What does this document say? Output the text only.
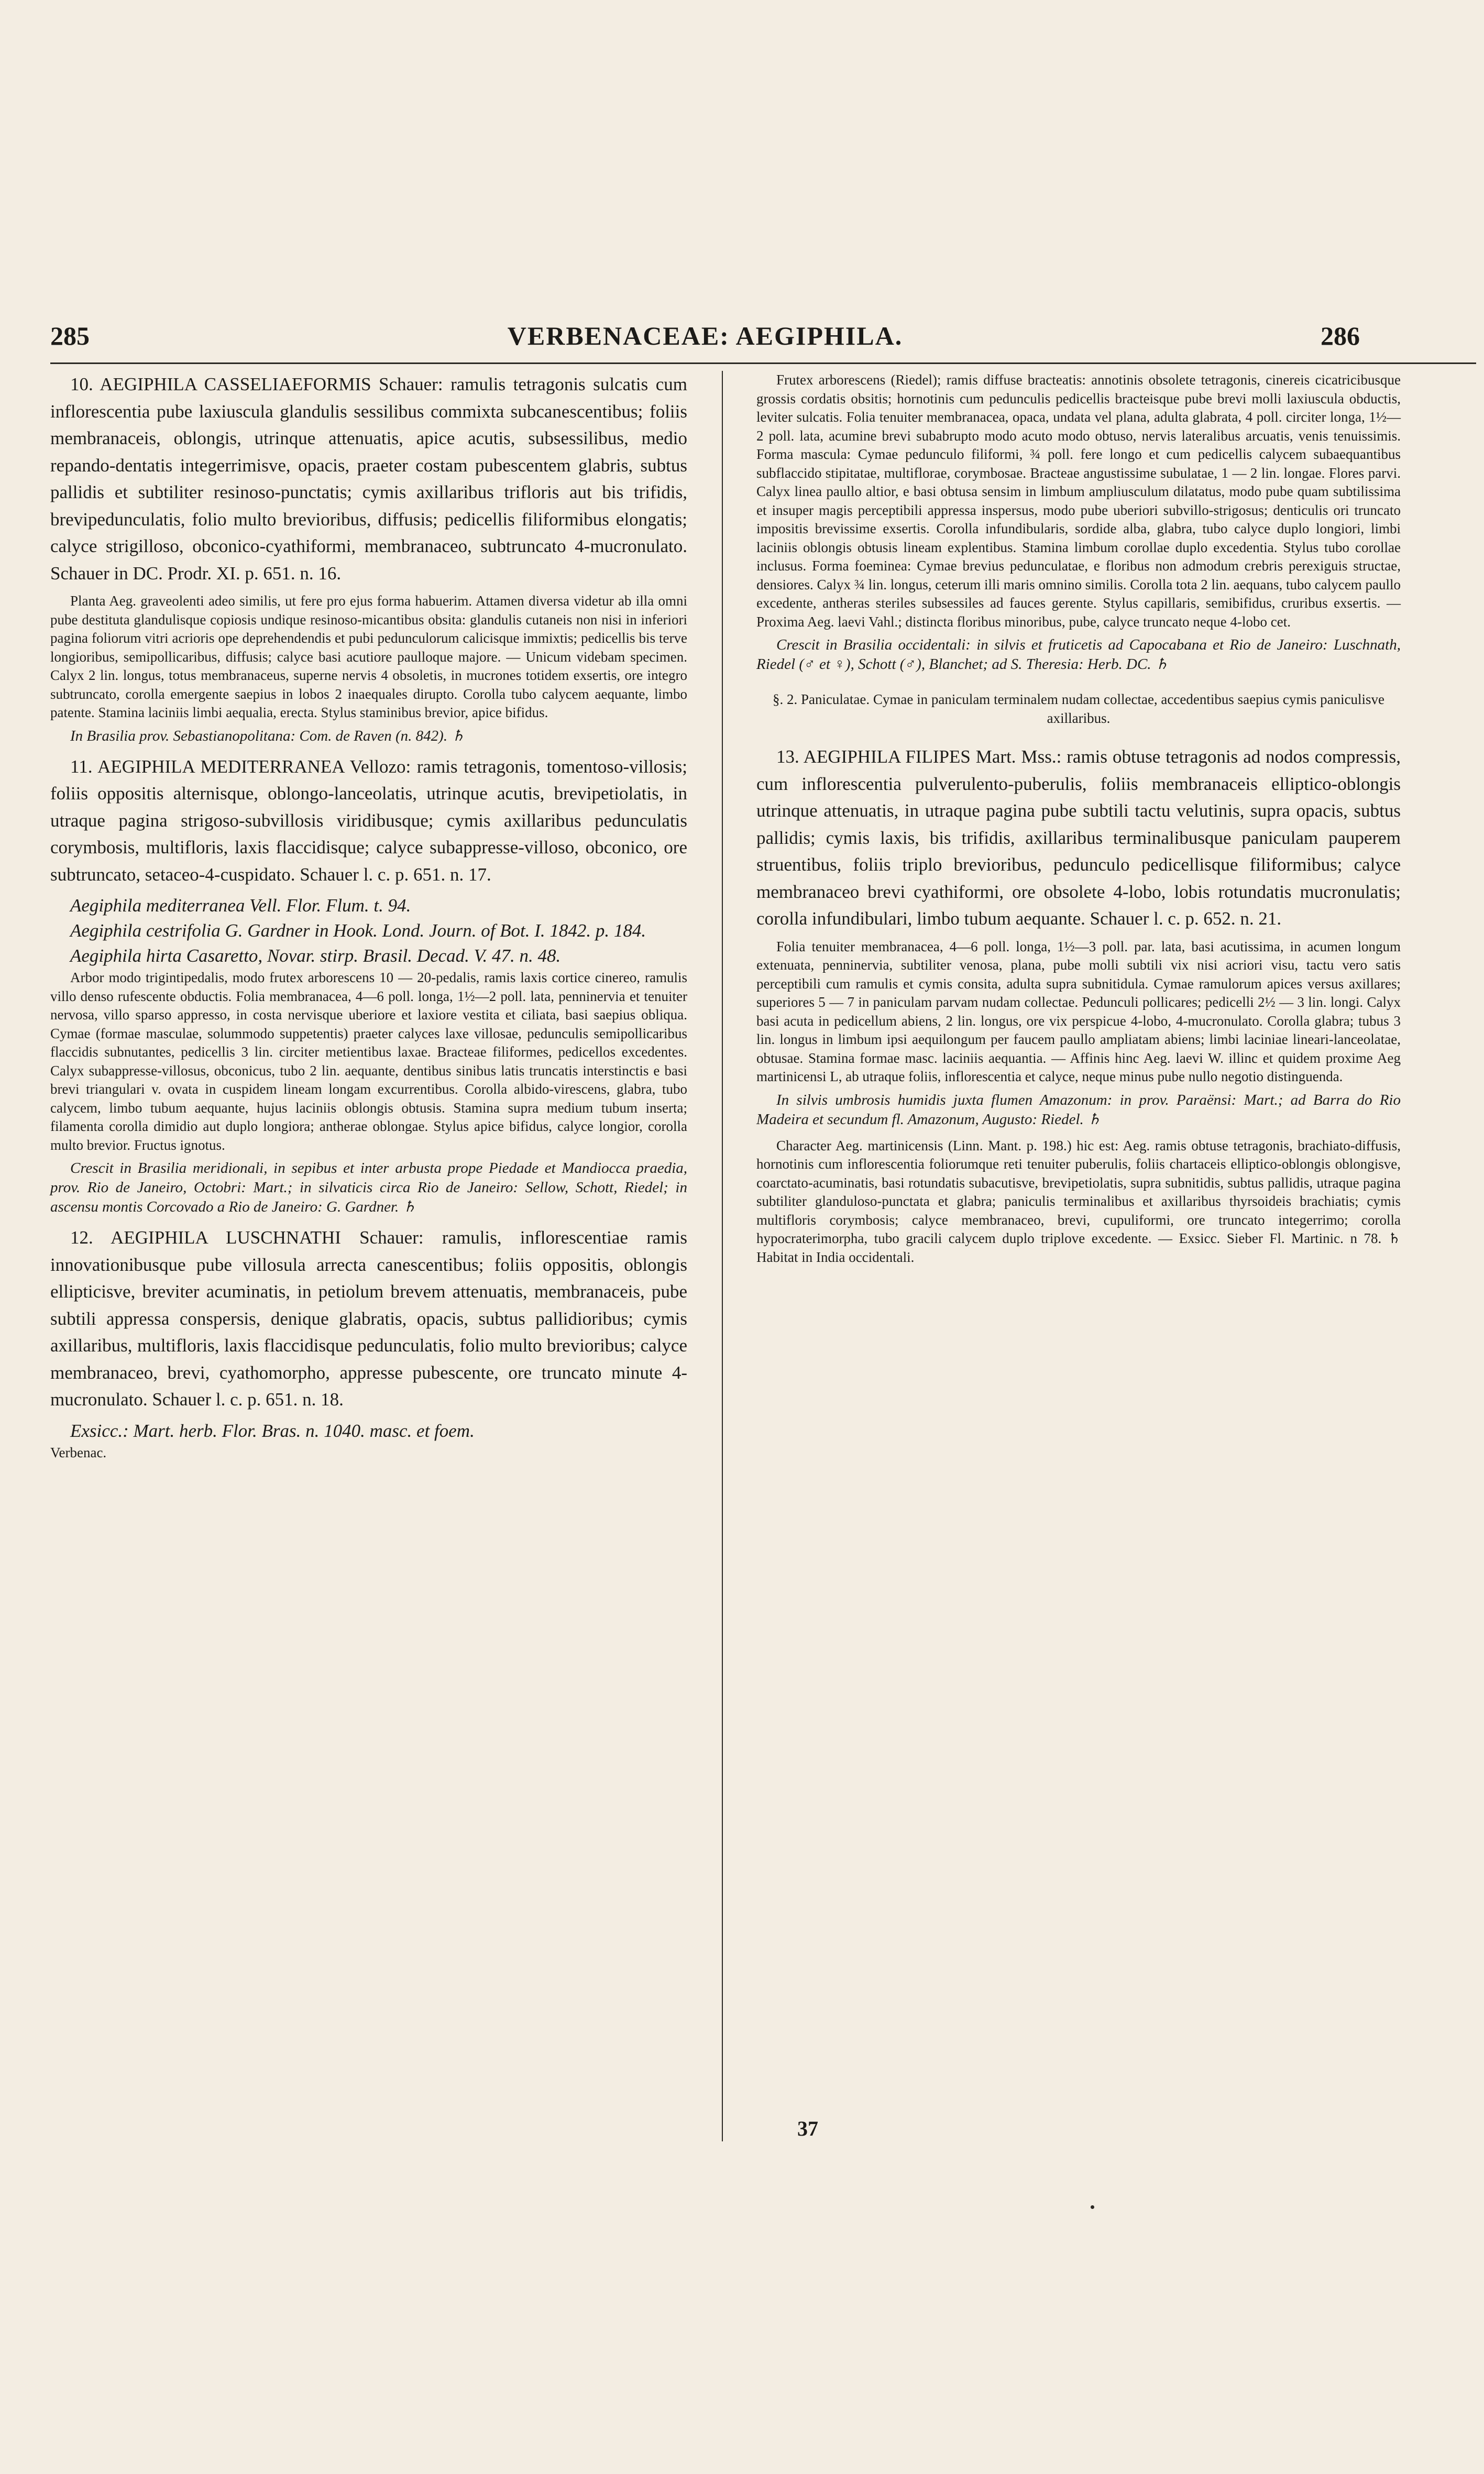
285	VERBENACEAE: AEGIPHILA.	286

10. AEGIPHILA CASSELIAEFORMIS Schauer: ramulis tetragonis sulcatis cum inflorescentia pube laxiuscula glandulis sessilibus commixta subcanescentibus; foliis membranaceis, oblongis, utrinque attenuatis, apice acutis, subsessilibus, medio repando-dentatis integerrimisve, opacis, praeter costam pubescentem glabris, subtus pallidis et subtiliter resinoso-punctatis; cymis axillaribus trifloris aut bis trifidis, brevipedunculatis, folio multo brevioribus, diffusis; pedicellis filiformibus elongatis; calyce strigilloso, obconico-cyathiformi, membranaceo, subtruncato 4-mucronulato. Schauer in DC. Prodr. XI. p. 651. n. 16.

Planta Aeg. graveolenti adeo similis, ut fere pro ejus forma habuerim. Attamen diversa videtur ab illa omni pube destituta glandulisque copiosis undique resinoso-micantibus obsita: glandulis cutaneis non nisi in inferiori pagina foliorum vitri acrioris ope deprehendendis et pubi pedunculorum calicisque immixtis; pedicellis bis terve longioribus, semipollicaribus, diffusis; calyce basi acutiore paulloque majore. — Unicum videbam specimen. Calyx 2 lin. longus, totus membranaceus, superne nervis 4 obsoletis, in mucrones totidem exsertis, ore integro subtruncato, corolla emergente saepius in lobos 2 inaequales dirupto. Corolla tubo calycem aequante, limbo patente. Stamina laciniis limbi aequalia, erecta. Stylus staminibus brevior, apice bifidus.

In Brasilia prov. Sebastianopolitana: Com. de Raven (n. 842). ♄

11. AEGIPHILA MEDITERRANEA Vellozo: ramis tetragonis, tomentoso-villosis; foliis oppositis alternisque, oblongo-lanceolatis, utrinque acutis, brevipetiolatis, in utraque pagina strigoso-subvillosis viridibusque; cymis axillaribus pedunculatis corymbosis, multifloris, laxis flaccidisque; calyce subappresse-villoso, obconico, ore subtruncato, setaceo-4-cuspidato. Schauer l. c. p. 651. n. 17.

Aegiphila mediterranea Vell. Flor. Flum. t. 94.

Aegiphila cestrifolia G. Gardner in Hook. Lond. Journ. of Bot. I. 1842. p. 184.

Aegiphila hirta Casaretto, Novar. stirp. Brasil. Decad. V. 47. n. 48.

Arbor modo trigintipedalis, modo frutex arborescens 10 — 20-pedalis, ramis laxis cortice cinereo, ramulis villo denso rufescente obductis. Folia membranacea, 4—6 poll. longa, 1½—2 poll. lata, penninervia et tenuiter nervosa, villo sparso appresso, in costa nervisque uberiore et laxiore vestita et ciliata, basi saepius obliqua. Cymae (formae masculae, solummodo suppetentis) praeter calyces laxe villosae, pedunculis semipollicaribus flaccidis subnutantes, pedicellis 3 lin. circiter metientibus laxae. Bracteae filiformes, pedicellos excedentes. Calyx subappresse-villosus, obconicus, tubo 2 lin. aequante, dentibus sinibus latis truncatis interstinctis e basi brevi triangulari v. ovata in cuspidem lineam longam excurrentibus. Corolla albido-virescens, glabra, tubo calycem, limbo tubum aequante, hujus laciniis oblongis obtusis. Stamina supra medium tubum inserta; filamenta corolla dimidio aut duplo longiora; antherae oblongae. Stylus apice bifidus, calyce longior, corolla multo brevior. Fructus ignotus.

Crescit in Brasilia meridionali, in sepibus et inter arbusta prope Piedade et Mandiocca praedia, prov. Rio de Janeiro, Octobri: Mart.; in silvaticis circa Rio de Janeiro: Sellow, Schott, Riedel; in ascensu montis Corcovado a Rio de Janeiro: G. Gardner. ♄

12. AEGIPHILA LUSCHNATHI Schauer: ramulis, inflorescentiae ramis innovationibusque pube villosula arrecta canescentibus; foliis oppositis, oblongis ellipticisve, breviter acuminatis, in petiolum brevem attenuatis, membranaceis, pube subtili appressa conspersis, denique glabratis, opacis, subtus pallidioribus; cymis axillaribus, multifloris, laxis flaccidisque pedunculatis, folio multo brevioribus; calyce membranaceo, brevi, cyathomorpho, appresse pubescente, ore truncato minute 4-mucronulato. Schauer l. c. p. 651. n. 18.

Exsicc.: Mart. herb. Flor. Bras. n. 1040. masc. et foem.

Verbenac.

Frutex arborescens (Riedel); ramis diffuse bracteatis: annotinis obsolete tetragonis, cinereis cicatricibusque grossis cordatis obsitis; hornotinis cum pedunculis pedicellis bracteisque pube brevi molli laxiuscula obductis, leviter sulcatis. Folia tenuiter membranacea, opaca, undata vel plana, adulta glabrata, 4 poll. circiter longa, 1½—2 poll. lata, acumine brevi subabrupto modo acuto modo obtuso, nervis lateralibus arcuatis, venis tenuissimis. Forma mascula: Cymae pedunculo filiformi, ¾ poll. fere longo et cum pedicellis calycem subaequantibus subflaccido stipitatae, multiflorae, corymbosae. Bracteae angustissime subulatae, 1 — 2 lin. longae. Flores parvi. Calyx linea paullo altior, e basi obtusa sensim in limbum ampliusculum dilatatus, modo pube quam subtilissima et insuper magis perceptibili appressa inspersus, modo pube uberiori subvillo-strigosus; denticulis ori truncato impositis brevissime exsertis. Corolla infundibularis, sordide alba, glabra, tubo calyce duplo longiori, limbi laciniis oblongis obtusis lineam explentibus. Stamina limbum corollae duplo excedentia. Stylus tubo corollae inclusus. Forma foeminea: Cymae brevius pedunculatae, e floribus non admodum crebris perexiguis structae, densiores. Calyx ¾ lin. longus, ceterum illi maris omnino similis. Corolla tota 2 lin. aequans, tubo calycem paullo excedente, antheras steriles subsessiles ad fauces gerente. Stylus capillaris, semibifidus, cruribus exsertis. — Proxima Aeg. laevi Vahl.; distincta floribus minoribus, pube, calyce truncato neque 4-lobo cet.

Crescit in Brasilia occidentali: in silvis et fruticetis ad Capocabana et Rio de Janeiro: Luschnath, Riedel (♂ et ♀), Schott (♂), Blanchet; ad S. Theresia: Herb. DC. ♄

§. 2. Paniculatae. Cymae in paniculam terminalem nudam collectae, accedentibus saepius cymis paniculisve axillaribus.

13. AEGIPHILA FILIPES Mart. Mss.: ramis obtuse tetragonis ad nodos compressis, cum inflorescentia pulverulento-puberulis, foliis membranaceis elliptico-oblongis utrinque attenuatis, in utraque pagina pube subtili tactu velutinis, supra opacis, subtus pallidis; cymis laxis, bis trifidis, axillaribus terminalibusque paniculam pauperem struentibus, foliis triplo brevioribus, pedunculo pedicellisque filiformibus; calyce membranaceo brevi cyathiformi, ore obsolete 4-lobo, lobis rotundatis mucronulatis; corolla infundibulari, limbo tubum aequante. Schauer l. c. p. 652. n. 21.

Folia tenuiter membranacea, 4—6 poll. longa, 1½—3 poll. par. lata, basi acutissima, in acumen longum extenuata, penninervia, subtiliter venosa, plana, pube molli subtili vix nisi acriori visu, tactu vero satis perceptibili cum ramulis et cymis consita, adulta supra subnitidula. Cymae ramulorum apices versus axillares; superiores 5 — 7 in paniculam parvam nudam collectae. Pedunculi pollicares; pedicelli 2½ — 3 lin. longi. Calyx basi acuta in pedicellum abiens, 2 lin. longus, ore vix perspicue 4-lobo, 4-mucronulato. Corolla glabra; tubus 3 lin. longus in limbum ipsi aequilongum per faucem paullo ampliatam abiens; limbi laciniae lineari-lanceolatae, obtusae. Stamina formae masc. laciniis aequantia. — Affinis hinc Aeg. laevi W. illinc et quidem proxime Aeg martinicensi L, ab utraque foliis, inflorescentia et calyce, neque minus pube nullo negotio distinguenda.

In silvis umbrosis humidis juxta flumen Amazonum: in prov. Paraënsi: Mart.; ad Barra do Rio Madeira et secundum fl. Amazonum, Augusto: Riedel. ♄

Character Aeg. martinicensis (Linn. Mant. p. 198.) hic est: Aeg. ramis obtuse tetragonis, brachiato-diffusis, hornotinis cum inflorescentia foliorumque reti tenuiter puberulis, foliis chartaceis elliptico-oblongis oblongisve, coarctato-acuminatis, basi rotundatis subacutisve, brevipetiolatis, supra subnitidis, subtus pallidis, utraque pagina subtiliter glanduloso-punctata et glabra; paniculis terminalibus et axillaribus thyrsoideis brachiatis; cymis multifloris corymbosis; calyce membranaceo, brevi, cupuliformi, ore truncato integerrimo; corolla hypocraterimorpha, tubo gracili calycem duplo triplove excedente. — Exsicc. Sieber Fl. Martinic. n 78. ♄ Habitat in India occidentali.

37
